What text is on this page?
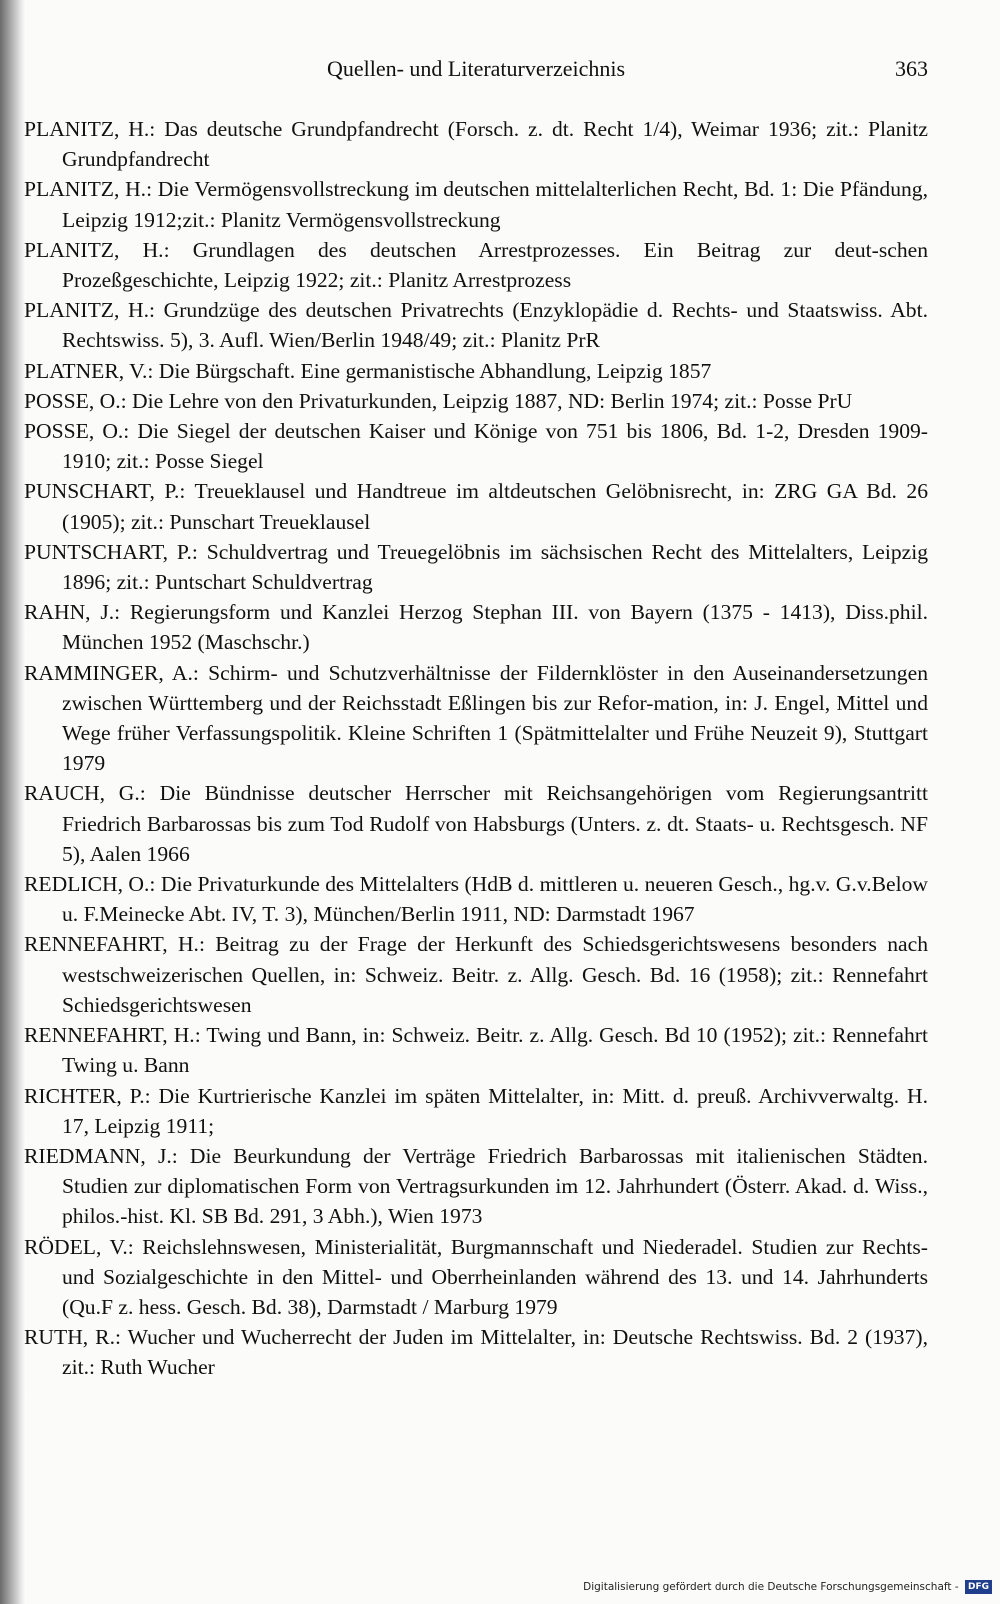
Quellen- und Literaturverzeichnis	363
PLANITZ, H.: Das deutsche Grundpfandrecht (Forsch. z. dt. Recht 1/4), Weimar 1936; zit.: Planitz Grundpfandrecht
PLANITZ, H.: Die Vermögensvollstreckung im deutschen mittelalterlichen Recht, Bd. 1: Die Pfändung, Leipzig 1912;zit.: Planitz Vermögensvollstreckung
PLANITZ, H.: Grundlagen des deutschen Arrestprozesses. Ein Beitrag zur deut-schen Prozeßgeschichte, Leipzig 1922; zit.: Planitz Arrestprozess
PLANITZ, H.: Grundzüge des deutschen Privatrechts (Enzyklopädie d. Rechts- und Staatswiss. Abt. Rechtswiss. 5), 3. Aufl. Wien/Berlin 1948/49; zit.: Planitz PrR
PLATNER, V.: Die Bürgschaft. Eine germanistische Abhandlung, Leipzig 1857
POSSE, O.: Die Lehre von den Privaturkunden, Leipzig 1887, ND: Berlin 1974; zit.: Posse PrU
POSSE, O.: Die Siegel der deutschen Kaiser und Könige von 751 bis 1806, Bd. 1-2, Dresden 1909-1910; zit.: Posse Siegel
PUNSCHART, P.: Treueklausel und Handtreue im altdeutschen Gelöbnisrecht, in: ZRG GA Bd. 26 (1905); zit.: Punschart Treueklausel
PUNTSCHART, P.: Schuldvertrag und Treuegelöbnis im sächsischen Recht des Mittelalters, Leipzig 1896; zit.: Puntschart Schuldvertrag
RAHN, J.: Regierungsform und Kanzlei Herzog Stephan III. von Bayern (1375 - 1413), Diss.phil. München 1952 (Maschschr.)
RAMMINGER, A.: Schirm- und Schutzverhältnisse der Fildernklöster in den Auseinandersetzungen zwischen Württemberg und der Reichsstadt Eßlingen bis zur Refor-mation, in: J. Engel, Mittel und Wege früher Verfassungspolitik. Kleine Schriften 1 (Spätmittelalter und Frühe Neuzeit 9), Stuttgart 1979
RAUCH, G.: Die Bündnisse deutscher Herrscher mit Reichsangehörigen vom Regierungsantritt Friedrich Barbarossas bis zum Tod Rudolf von Habsburgs (Unters. z. dt. Staats- u. Rechtsgesch. NF 5), Aalen 1966
REDLICH, O.: Die Privaturkunde des Mittelalters (HdB d. mittleren u. neueren Gesch., hg.v. G.v.Below u. F.Meinecke Abt. IV, T. 3), München/Berlin 1911, ND: Darmstadt 1967
RENNEFAHRT, H.: Beitrag zu der Frage der Herkunft des Schiedsgerichtswesens besonders nach westschweizerischen Quellen, in: Schweiz. Beitr. z. Allg. Gesch. Bd. 16 (1958); zit.: Rennefahrt Schiedsgerichtswesen
RENNEFAHRT, H.: Twing und Bann, in: Schweiz. Beitr. z. Allg. Gesch. Bd 10 (1952); zit.: Rennefahrt Twing u. Bann
RICHTER, P.: Die Kurtrierische Kanzlei im späten Mittelalter, in: Mitt. d. preuß. Archivverwaltg. H. 17, Leipzig 1911;
RIEDMANN, J.: Die Beurkundung der Verträge Friedrich Barbarossas mit italienischen Städten. Studien zur diplomatischen Form von Vertragsurkunden im 12. Jahrhundert (Österr. Akad. d. Wiss., philos.-hist. Kl. SB Bd. 291, 3 Abh.), Wien 1973
RÖDEL, V.: Reichslehnswesen, Ministerialität, Burgmannschaft und Niederadel. Studien zur Rechts- und Sozialgeschichte in den Mittel- und Oberrheinlanden während des 13. und 14. Jahrhunderts (Qu.F z. hess. Gesch. Bd. 38), Darmstadt / Marburg 1979
RUTH, R.: Wucher und Wucherrecht der Juden im Mittelalter, in: Deutsche Rechtswiss. Bd. 2 (1937), zit.: Ruth Wucher
Digitalisierung gefördert durch die Deutsche Forschungsgemeinschaft - DFG
